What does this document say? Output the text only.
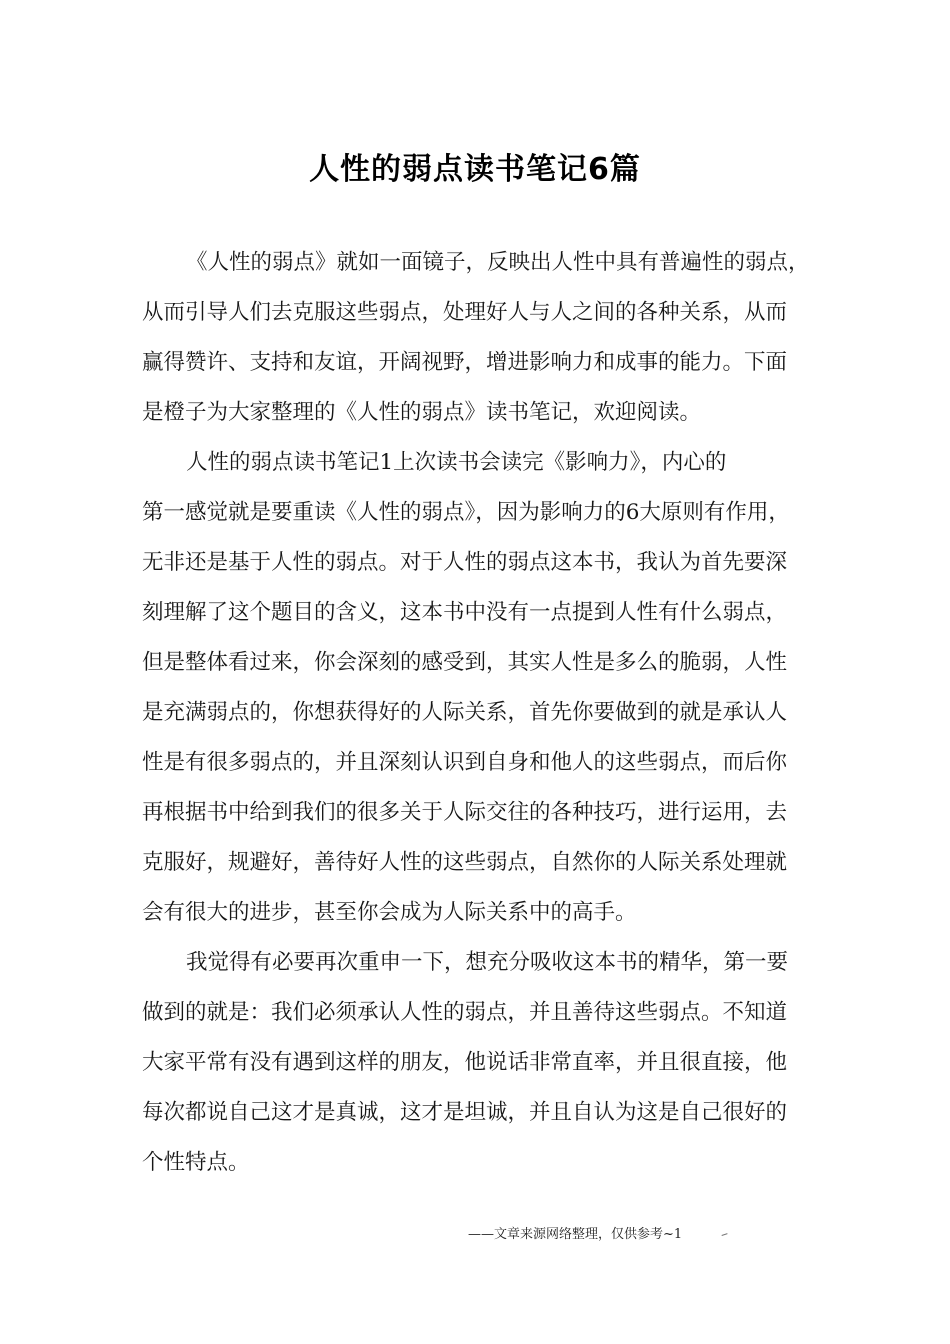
人性的弱点读书笔记6篇
《人性的弱点》就如一面镜子，反映出人性中具有普遍性的弱点，
从而引导人们去克服这些弱点，处理好人与人之间的各种关系，从而
赢得赞许、支持和友谊，开阔视野，增进影响力和成事的能力。下面
是橙子为大家整理的《人性的弱点》读书笔记，欢迎阅读。
人性的弱点读书笔记1上次读书会读完《影响力》，内心的
第一感觉就是要重读《人性的弱点》，因为影响力的6大原则有作用，
无非还是基于人性的弱点。对于人性的弱点这本书，我认为首先要深
刻理解了这个题目的含义，这本书中没有一点提到人性有什么弱点，
但是整体看过来，你会深刻的感受到，其实人性是多么的脆弱，人性
是充满弱点的，你想获得好的人际关系，首先你要做到的就是承认人
性是有很多弱点的，并且深刻认识到自身和他人的这些弱点，而后你
再根据书中给到我们的很多关于人际交往的各种技巧，进行运用，去
克服好，规避好，善待好人性的这些弱点，自然你的人际关系处理就
会有很大的进步，甚至你会成为人际关系中的高手。
我觉得有必要再次重申一下，想充分吸收这本书的精华，第一要
做到的就是：我们必须承认人性的弱点，并且善待这些弱点。不知道
大家平常有没有遇到这样的朋友，他说话非常直率，并且很直接，他
每次都说自己这才是真诚，这才是坦诚，并且自认为这是自己很好的
个性特点。
——文章来源网络整理，仅供参考~1
